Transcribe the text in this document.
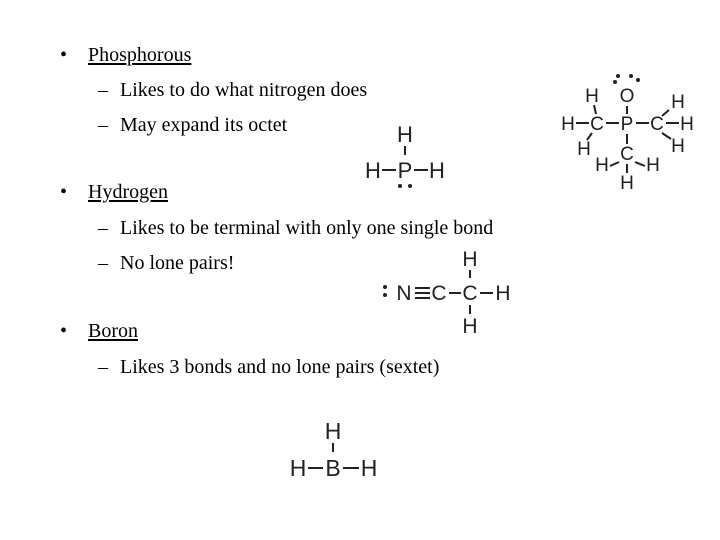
•	Phosphorous
– Likes to do what nitrogen does
– May expand its octet
•	Hydrogen
– Likes to be terminal with only one single bond
– No lone pairs!
•	Boron
– Likes 3 bonds and no lone pairs (sextet)
H
H P H
H O H
H C P C H
H C H
H H
H
H
N C C H
H
H
H B H
